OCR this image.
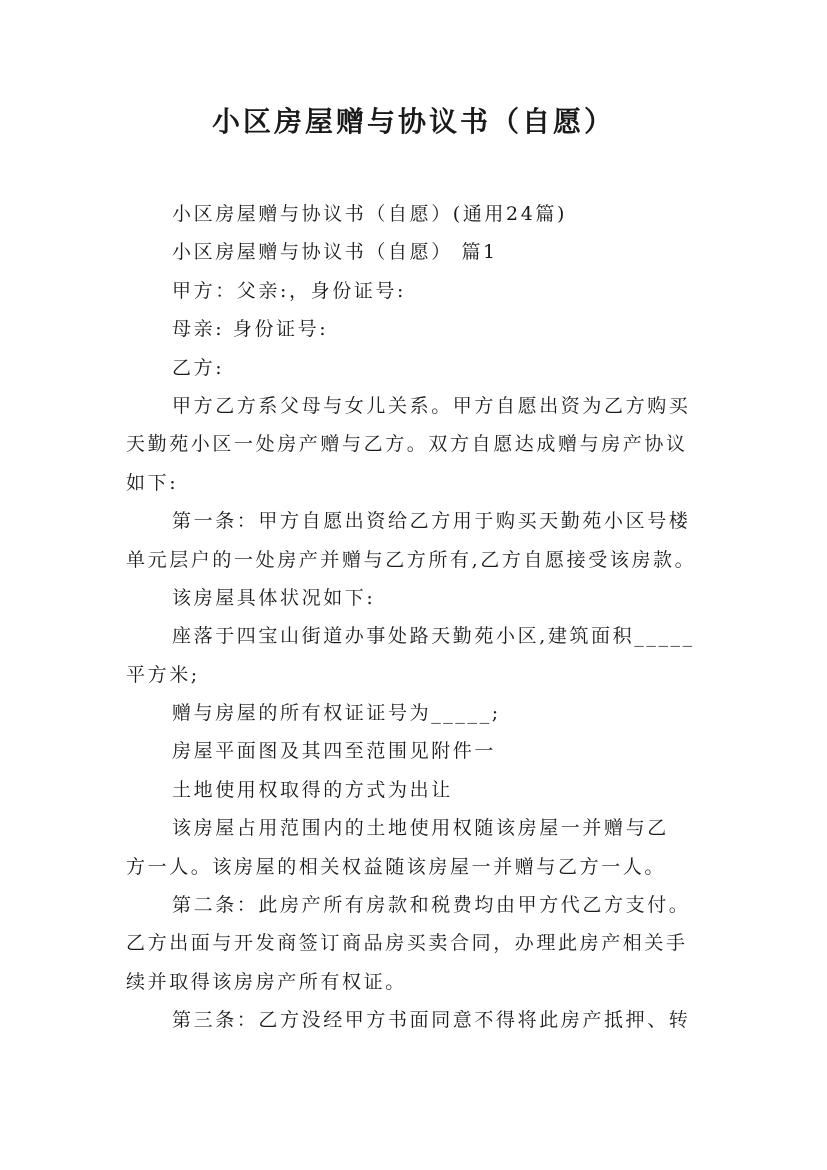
小区房屋赠与协议书（自愿）
小区房屋赠与协议书（自愿）(通用24篇)
小区房屋赠与协议书（自愿） 篇1
甲方：父亲:，身份证号:
母亲: 身份证号:
乙方:
甲方乙方系父母与女儿关系。甲方自愿出资为乙方购买
天勤苑小区一处房产赠与乙方。双方自愿达成赠与房产协议
如下:
第一条：甲方自愿出资给乙方用于购买天勤苑小区号楼
单元层户的一处房产并赠与乙方所有,乙方自愿接受该房款。
该房屋具体状况如下:
座落于四宝山街道办事处路天勤苑小区,建筑面积_____
平方米;
赠与房屋的所有权证证号为_____;
房屋平面图及其四至范围见附件一
土地使用权取得的方式为出让
该房屋占用范围内的土地使用权随该房屋一并赠与乙
方一人。该房屋的相关权益随该房屋一并赠与乙方一人。
第二条：此房产所有房款和税费均由甲方代乙方支付。
乙方出面与开发商签订商品房买卖合同，办理此房产相关手
续并取得该房房产所有权证。
第三条：乙方没经甲方书面同意不得将此房产抵押、转
